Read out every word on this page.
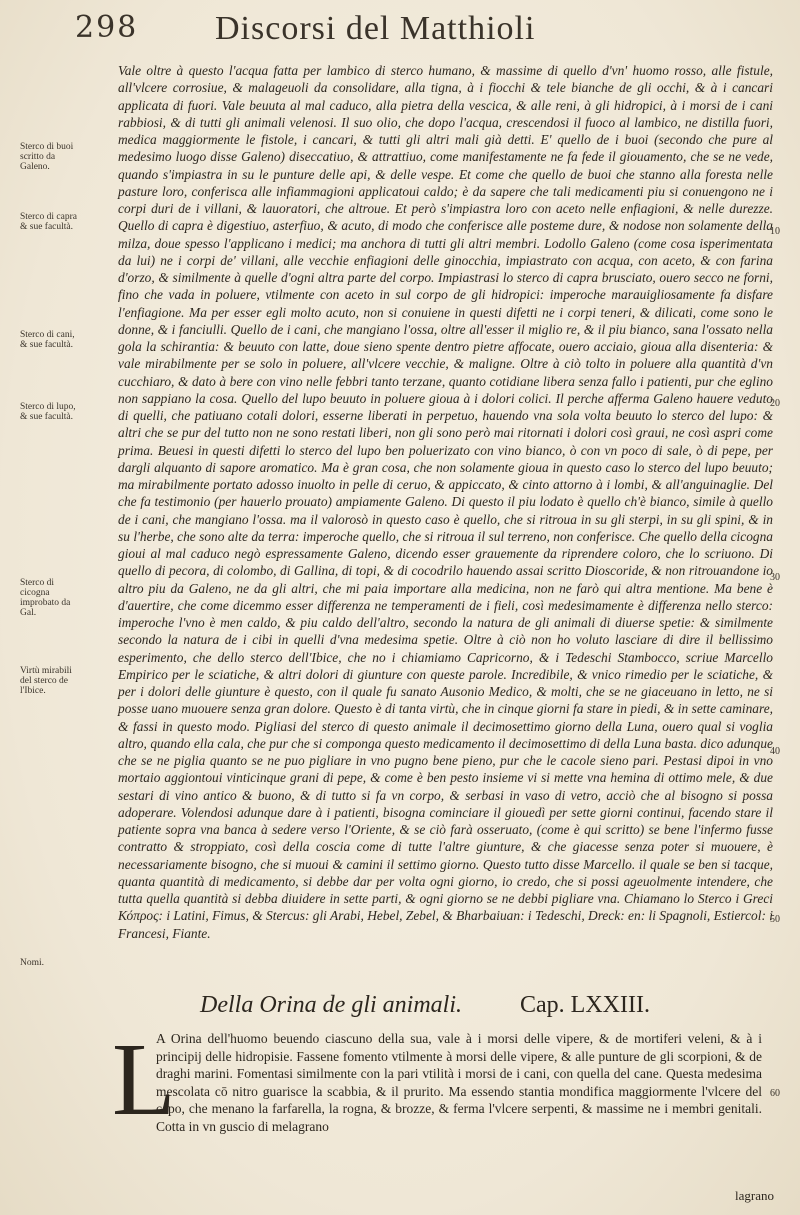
298 Discorsi del Matthioli
Sterco di buoi scritto da Galeno.
Sterco di capra & sue facultà.
Sterco di cani, & sue facultà.
Sterco di lupo, & sue facultà.
Sterco di cicogna improbato da Gal.
Virtù mirabili del sterco de l'Ibice.
Nomi.
10
20
30
40
50
60

Vale oltre à questo l'acqua fatta per lambico di sterco humano, & massime di quello d'vn' huomo rosso, alle fistule, all'vlcere corrosiue, & malageuoli da consolidare, alla tigna, à i fiocchi & tele bianche de gli occhi, & à i cancari applicata di fuori. Vale beuuta al mal caduco, alla pietra della vescica, & alle reni, à gli hidropici, à i morsi de i cani rabbiosi, & di tutti gli animali velenosi. Il suo olio, che dopo l'acqua, crescendosi il fuoco al lambico, ne distilla fuori, medica maggiormente le fistole, i cancari, & tutti gli altri mali già detti. E' quello de i buoi (secondo che pure al medesimo luogo disse Galeno) diseccatiuo, & attrattiuo, come manifestamente ne fa fede il giouamento, che se ne vede, quando s'impiastra in su le punture delle api, & delle vespe. Et come che quello de buoi che stanno alla foresta nelle pasture loro, conferisca alle infiammagioni applicatoui caldo; è da sapere che tali medicamenti piu si conuengono ne i corpi duri de i villani, & lauoratori, che altroue. Et però s'impiastra loro con aceto nelle enfiagioni, & nelle durezze. Quello di capra è digestiuo, asterfiuo, & acuto, di modo che conferisce alle posteme dure, & nodose non solamente della milza, doue spesso l'applicano i medici; ma anchora di tutti gli altri membri. Lodollo Galeno (come cosa isperimentata da lui) ne i corpi de' villani, alle vecchie enfiagioni delle ginocchia, impiastrato con acqua, con aceto, & con farina d'orzo, & similmente à quelle d'ogni altra parte del corpo. Impiastrasi lo sterco di capra brusciato, ouero secco ne forni, fino che vada in poluere, vtilmente con aceto in sul corpo de gli hidropici: imperoche marauigliosamente fa disfare l'enfiagione. Ma per esser egli molto acuto, non si conuiene in questi difetti ne i corpi teneri, & dilicati, come sono le donne, & i fanciulli. Quello de i cani, che mangiano l'ossa, oltre all'esser il miglio re, & il piu bianco, sana l'ossato nella gola la schirantia: & beuuto con latte, doue sieno spente dentro pietre affocate, ouero acciaio, gioua alla disenteria: & vale mirabilmente per se solo in poluere, all'vlcere vecchie, & maligne. Oltre à ciò tolto in poluere alla quantità d'vn cucchiaro, & dato à bere con vino nelle febbri tanto terzane, quanto cotidiane libera senza fallo i patienti, pur che eglino non sappiano la cosa. Quello del lupo beuuto in poluere gioua à i dolori colici. Il perche afferma Galeno hauere veduto di quelli, che patiuano cotali dolori, esserne liberati in perpetuo, hauendo vna sola volta beuuto lo sterco del lupo: & altri che se pur del tutto non ne sono restati liberi, non gli sono però mai ritornati i dolori così graui, ne così aspri come prima. Beuesi in questi difetti lo sterco del lupo ben poluerizato con vino bianco, ò con vn poco di sale, ò di pepe, per dargli alquanto di sapore aromatico. Ma è gran cosa, che non solamente gioua in questo caso lo sterco del lupo beuuto; ma mirabilmente portato adosso inuolto in pelle di ceruo, & appiccato, & cinto attorno à i lombi, & all'anguinaglie. Del che fa testimonio (per hauerlo prouato) ampiamente Galeno. Di questo il piu lodato è quello ch'è bianco, simile à quello de i cani, che mangiano l'ossa. ma il valorosò in questo caso è quello, che si ritroua in su gli sterpi, in su gli spini, & in su l'herbe, che sono alte da terra: imperoche quello, che si ritroua il sul terreno, non conferisce. Che quello della cicogna gioui al mal caduco negò espressamente Galeno, dicendo esser grauemente da riprendere coloro, che lo scriuono. Di quello di pecora, di colombo, di Gallina, di topi, & di cocodrilo hauendo assai scritto Dioscoride, & non ritrouandone io altro piu da Galeno, ne da gli altri, che mi paia importare alla medicina, non ne farò qui altra mentione. Ma bene è d'auertire, che come dicemmo esser differenza ne temperamenti de i fieli, così medesimamente è differenza nello sterco: imperoche l'vno è men caldo, & piu caldo dell'altro, secondo la natura de gli animali di diuerse spetie: & similmente secondo la natura de i cibi in quelli d'vna medesima spetie. Oltre à ciò non ho voluto lasciare di dire il bellissimo esperimento, che dello sterco dell'Ibice, che no i chiamiamo Capricorno, & i Tedeschi Stambocco, scriue Marcello Empirico per le sciatiche, & altri dolori di giunture con queste parole. Incredibile, & vnico rimedio per le sciatiche, & per i dolori delle giunture è questo, con il quale fu sanato Ausonio Medico, & molti, che se ne giaceuano in letto, ne si posse uano muouere senza gran dolore. Questo è di tanta virtù, che in cinque giorni fa stare in piedi, & in sette caminare, & fassi in questo modo. Pigliasi del sterco di questo animale il decimosettimo giorno della Luna, ouero qual si voglia altro, quando ella cala, che pur che si componga questo medicamento il decimosettimo di della Luna basta. dico adunque che se ne piglia quanto se ne puo pigliare in vno pugno bene pieno, pur che le cacole sieno pari. Pestasi dipoi in vno mortaio aggiontoui vinticinque grani di pepe, & come è ben pesto insieme vi si mette vna hemina di ottimo mele, & due sestari di vino antico & buono, & di tutto si fa vn corpo, & serbasi in vaso di vetro, acciò che al bisogno si possa adoperare. Volendosi adunque dare à i patienti, bisogna cominciare il giouedì per sette giorni continui, facendo stare il patiente sopra vna banca à sedere verso l'Oriente, & se ciò farà osseruato, (come è qui scritto) se bene l'infermo fusse contratto & stroppiato, così della coscia come di tutte l'altre giunture, & che giacesse senza poter si muouere, è necessariamente bisogno, che si muoui & camini il settimo giorno. Questo tutto disse Marcello. il quale se ben si tacque, quanta quantità di medicamento, si debbe dar per volta ogni giorno, io credo, che si possi ageuolmente intendere, che tutta quella quantità si debba diuidere in sette parti, & ogni giorno se ne debbi pigliare vna. Chiamano lo Sterco i Greci Κόπρος: i Latini, Fimus, & Stercus: gli Arabi, Hebel, Zebel, & Bharbaiuan: i Tedeschi, Dreck: en: li Spagnoli, Estiercol: i Francesi, Fiante.

Della Orina de gli animali. Cap. LXXIII.
L
A Orina dell'huomo beuendo ciascuno della sua, vale à i morsi delle vipere, & de mortiferi veleni, & à i principij delle hidropisie. Fassene fomento vtilmente à morsi delle vipere, & alle punture de gli scorpioni, & de draghi marini. Fomentasi similmente con la pari vtilità i morsi de i cani, con quella del cane. Questa medesima mescolata cō nitro guarisce la scabbia, & il prurito. Ma essendo stantia mondifica maggiormente l'vlcere del capo, che menano la farfarella, la rogna, & brozze, & ferma l'vlcere serpenti, & massime ne i membri genitali. Cotta in vn guscio di melagrano
lagrano
